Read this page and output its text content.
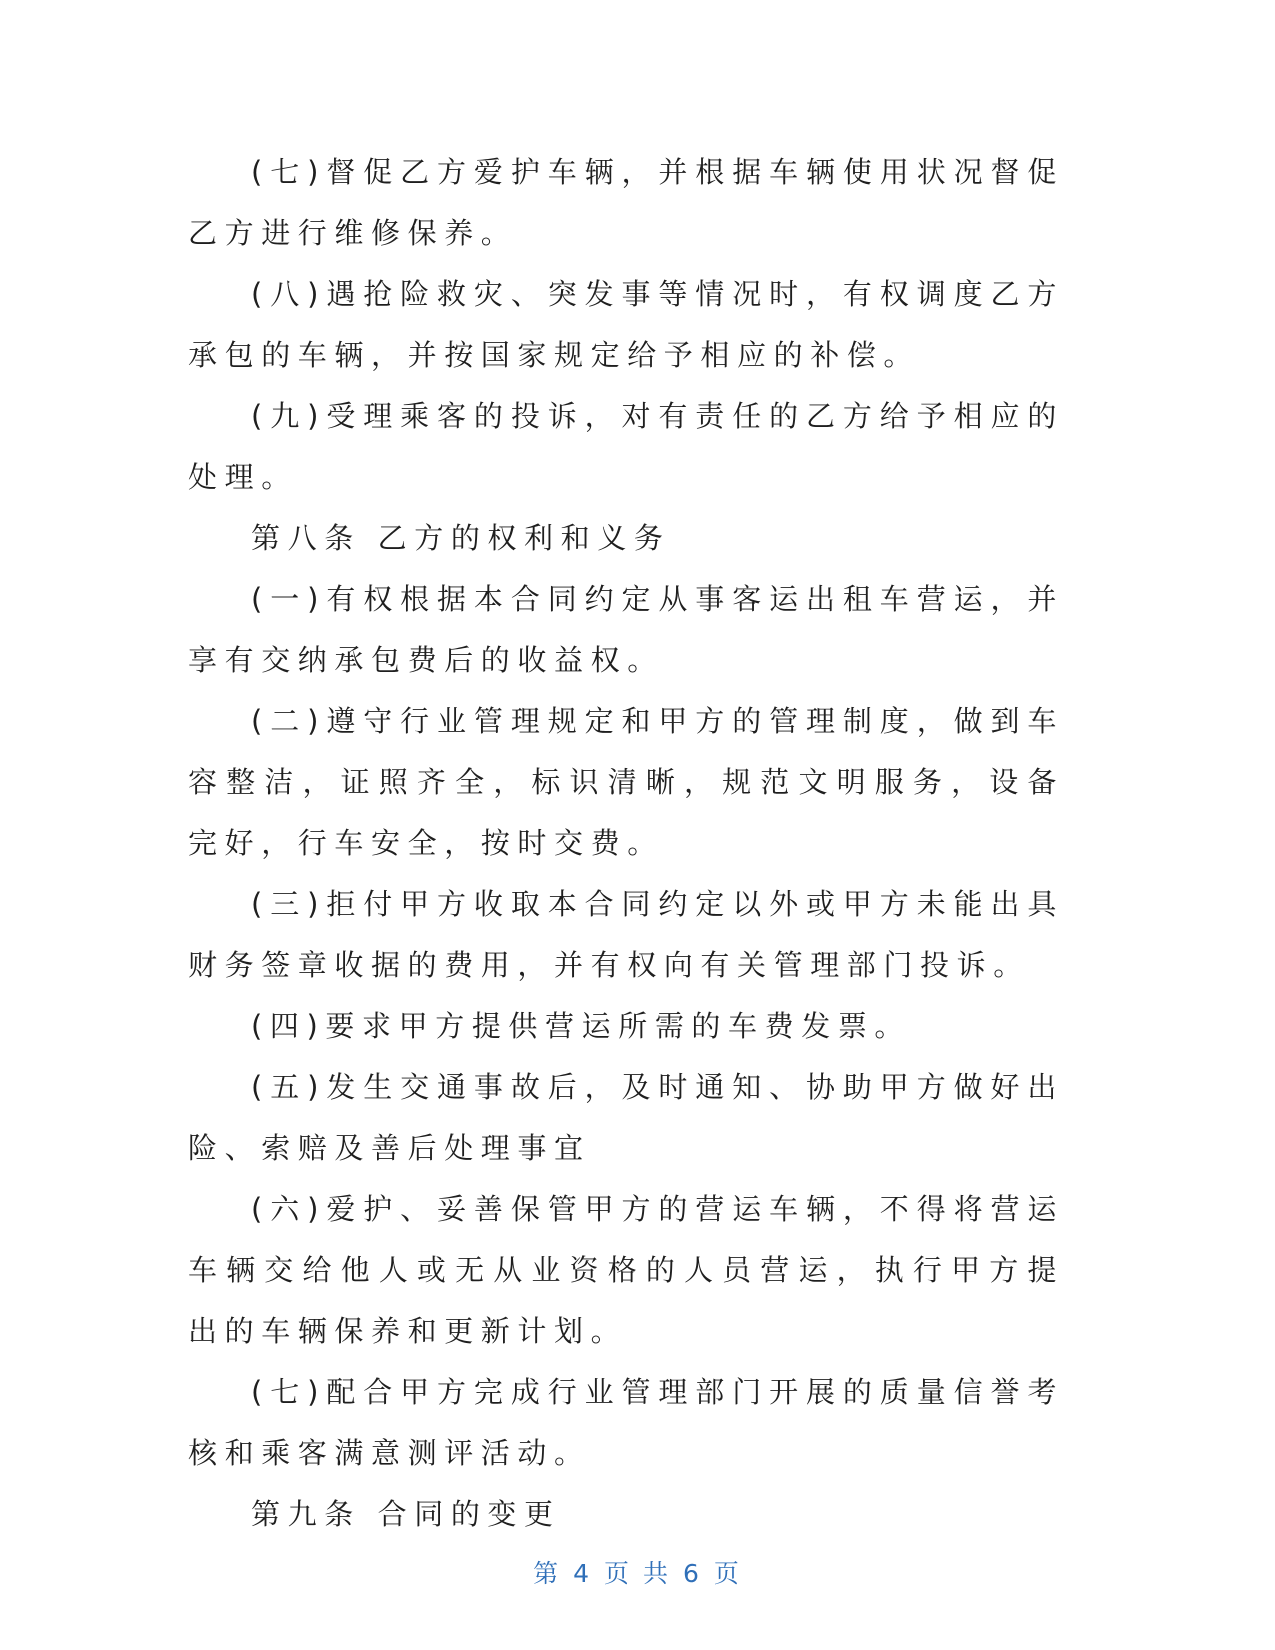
(七)督促乙方爱护车辆，并根据车辆使用状况督促乙方进行维修保养。

(八)遇抢险救灾、突发事等情况时，有权调度乙方承包的车辆，并按国家规定给予相应的补偿。

(九)受理乘客的投诉，对有责任的乙方给予相应的处理。

第八条 乙方的权利和义务

(一)有权根据本合同约定从事客运出租车营运，并享有交纳承包费后的收益权。

(二)遵守行业管理规定和甲方的管理制度，做到车容整洁，证照齐全，标识清晰，规范文明服务，设备完好，行车安全，按时交费。

(三)拒付甲方收取本合同约定以外或甲方未能出具财务签章收据的费用，并有权向有关管理部门投诉。

(四)要求甲方提供营运所需的车费发票。

(五)发生交通事故后，及时通知、协助甲方做好出险、索赔及善后处理事宜

(六)爱护、妥善保管甲方的营运车辆，不得将营运车辆交给他人或无从业资格的人员营运，执行甲方提出的车辆保养和更新计划。

(七)配合甲方完成行业管理部门开展的质量信誉考核和乘客满意测评活动。

第九条 合同的变更

第 4 页 共 6 页
